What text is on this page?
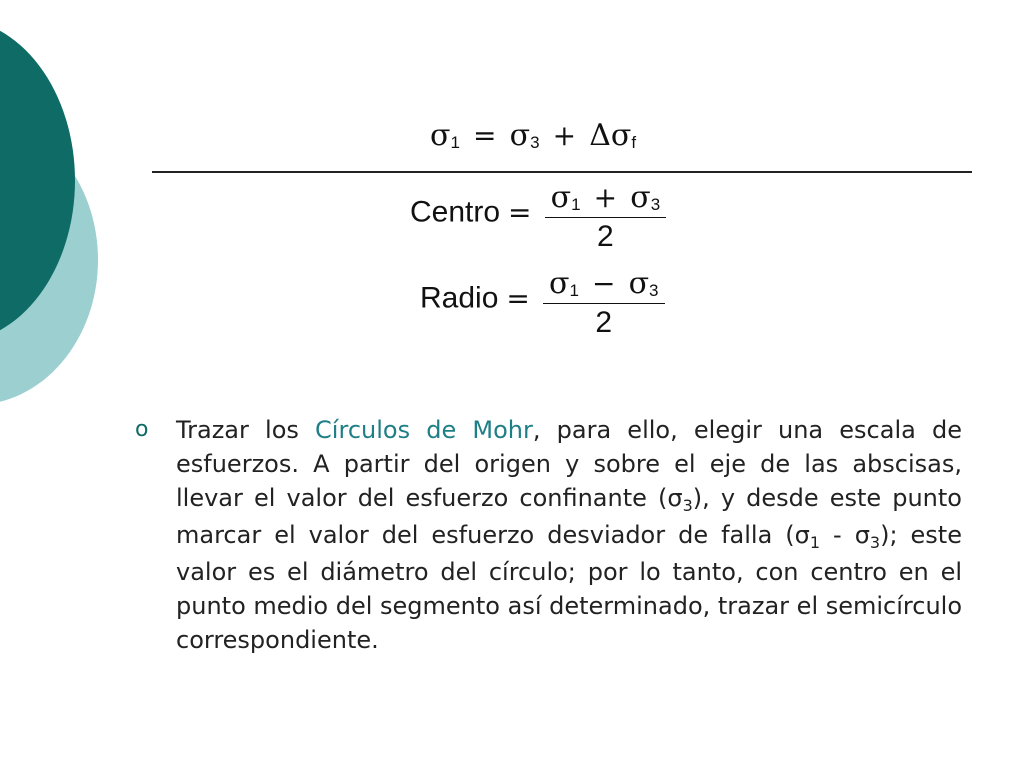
σ1 = σ3 + Δσf
Centro = $\frac{\sigma 1 + \sigma 3}{2}$
Radio = $\frac{\sigma 1 - \sigma 3}{2}$
o Trazar los Círculos de Mohr, para ello, elegir una escala de esfuerzos. A partir del origen y sobre el eje de las abscisas, llevar el valor del esfuerzo confinante $(\sigma_3)$, y desde este punto marcar el valor del esfuerzo desviador de falla $(\sigma_1 - \sigma_3)$; este valor es el diámetro del círculo; por lo tanto, con centro en el punto medio del segmento así determinado, trazar el semicírculo correspondiente.
